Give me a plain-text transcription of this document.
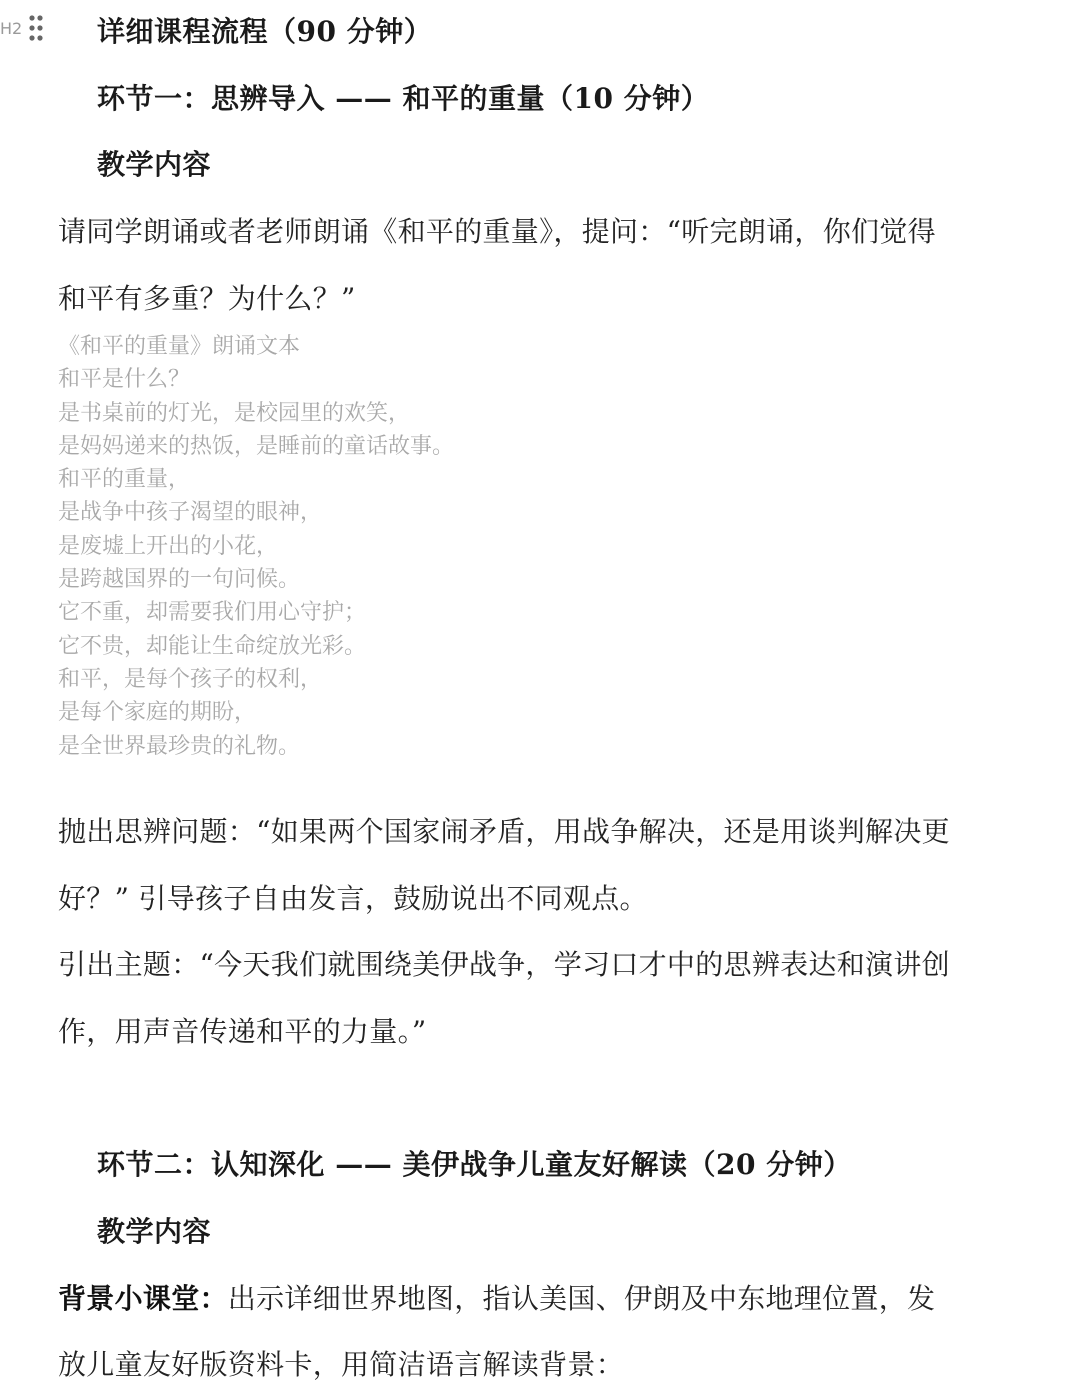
H2	详细课程流程（90 分钟）
环节一：思辨导入 —— 和平的重量（10 分钟）
教学内容
请同学朗诵或者老师朗诵《和平的重量》，提问：“听完朗诵，你们觉得
和平有多重？为什么？”
《和平的重量》朗诵文本
和平是什么？
是书桌前的灯光，是校园里的欢笑，
是妈妈递来的热饭，是睡前的童话故事。
和平的重量，
是战争中孩子渴望的眼神，
是废墟上开出的小花，
是跨越国界的一句问候。
它不重，却需要我们用心守护；
它不贵，却能让生命绽放光彩。
和平，是每个孩子的权利，
是每个家庭的期盼，
是全世界最珍贵的礼物。
抛出思辨问题：“如果两个国家闹矛盾，用战争解决，还是用谈判解决更
好？” 引导孩子自由发言，鼓励说出不同观点。
引出主题：“今天我们就围绕美伊战争，学习口才中的思辨表达和演讲创
作，用声音传递和平的力量。”
环节二：认知深化 —— 美伊战争儿童友好解读（20 分钟）
教学内容
背景小课堂：出示详细世界地图，指认美国、伊朗及中东地理位置，发
放儿童友好版资料卡，用简洁语言解读背景：
